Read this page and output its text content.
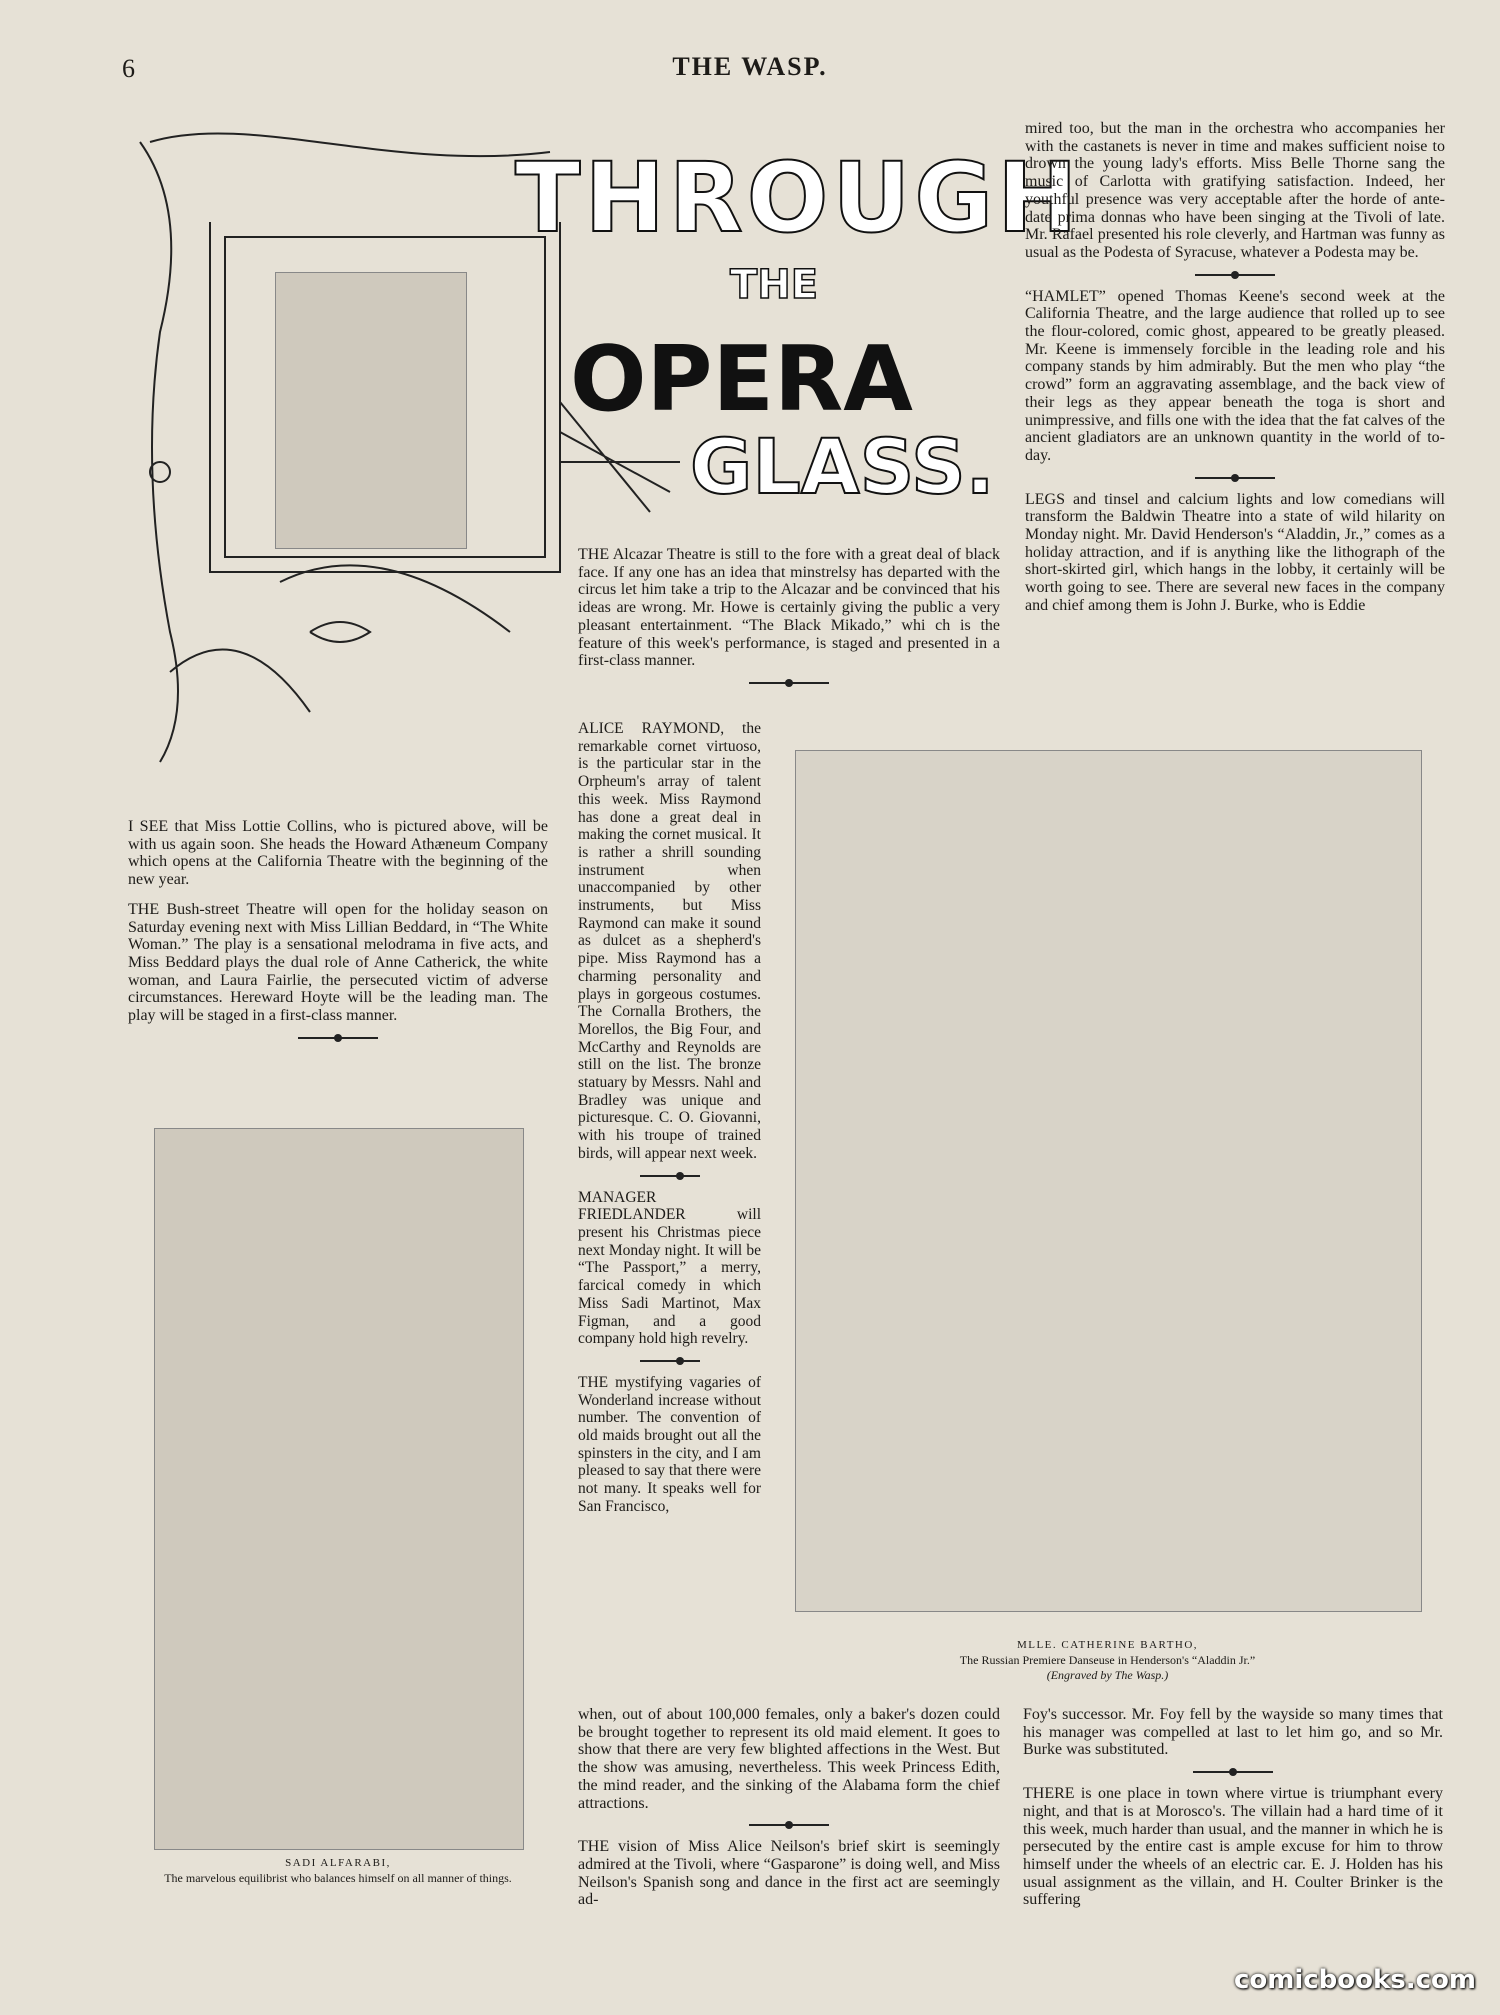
6	THE WASP.
THROUGH
THE
OPERA
GLASS.

I SEE that Miss Lottie Collins, who is pictured above, will be with us again soon. She heads the Howard Athæneum Company which opens at the California Theatre with the beginning of the new year.

THE Bush-street Theatre will open for the holiday season on Saturday evening next with Miss Lillian Beddard, in “The White Woman.” The play is a sensational melodrama in five acts, and Miss Beddard plays the dual role of Anne Catherick, the white woman, and Laura Fairlie, the persecuted victim of adverse circumstances. Hereward Hoyte will be the leading man. The play will be staged in a first-class manner.

SADI ALFARABI,
The marvelous equilibrist who balances himself on all manner of things.

THE Alcazar Theatre is still to the fore with a great deal of black face. If any one has an idea that minstrelsy has departed with the circus let him take a trip to the Alcazar and be convinced that his ideas are wrong. Mr. Howe is certainly giving the public a very pleasant entertainment. “The Black Mikado,” whi ch is the feature of this week's performance, is staged and presented in a first-class manner.

ALICE RAYMOND, the remarkable cornet virtuoso, is the particular star in the Orpheum's array of talent this week. Miss Raymond has done a great deal in making the cornet musical. It is rather a shrill sounding instrument when unaccompanied by other instruments, but Miss Raymond can make it sound as dulcet as a shepherd's pipe. Miss Raymond has a charming personality and plays in gorgeous costumes. The Cornalla Brothers, the Morellos, the Big Four, and McCarthy and Reynolds are still on the list. The bronze statuary by Messrs. Nahl and Bradley was unique and picturesque. C. O. Giovanni, with his troupe of trained birds, will appear next week.

MANAGER FRIEDLANDER will present his Christmas piece next Monday night. It will be “The Passport,” a merry, farcical comedy in which Miss Sadi Martinot, Max Figman, and a good company hold high revelry.

THE mystifying vagaries of Wonderland increase without number. The convention of old maids brought out all the spinsters in the city, and I am pleased to say that there were not many. It speaks well for San Francisco,

when, out of about 100,000 females, only a baker's dozen could be brought together to represent its old maid element. It goes to show that there are very few blighted affections in the West. But the show was amusing, nevertheless. This week Princess Edith, the mind reader, and the sinking of the Alabama form the chief attractions.

THE vision of Miss Alice Neilson's brief skirt is seemingly admired at the Tivoli, where “Gasparone” is doing well, and Miss Neilson's Spanish song and dance in the first act are seemingly ad-

mired too, but the man in the orchestra who accompanies her with the castanets is never in time and makes sufficient noise to drown the young lady's efforts. Miss Belle Thorne sang the music of Carlotta with gratifying satisfaction. Indeed, her youthful presence was very acceptable after the horde of ante-date prima donnas who have been singing at the Tivoli of late. Mr. Rafael presented his role cleverly, and Hartman was funny as usual as the Podesta of Syracuse, whatever a Podesta may be.

“HAMLET” opened Thomas Keene's second week at the California Theatre, and the large audience that rolled up to see the flour-colored, comic ghost, appeared to be greatly pleased. Mr. Keene is immensely forcible in the leading role and his company stands by him admirably. But the men who play “the crowd” form an aggravating assemblage, and the back view of their legs as they appear beneath the toga is short and unimpressive, and fills one with the idea that the fat calves of the ancient gladiators are an unknown quantity in the world of to-day.

LEGS and tinsel and calcium lights and low comedians will transform the Baldwin Theatre into a state of wild hilarity on Monday night. Mr. David Henderson's “Aladdin, Jr.,” comes as a holiday attraction, and if is anything like the lithograph of the short-skirted girl, which hangs in the lobby, it certainly will be worth going to see. There are several new faces in the company and chief among them is John J. Burke, who is Eddie

MLLE. CATHERINE BARTHO,
The Russian Premiere Danseuse in Henderson's “Aladdin Jr.”
(Engraved by The Wasp.)

Foy's successor. Mr. Foy fell by the wayside so many times that his manager was compelled at last to let him go, and so Mr. Burke was substituted.

THERE is one place in town where virtue is triumphant every night, and that is at Morosco's. The villain had a hard time of it this week, much harder than usual, and the manner in which he is persecuted by the entire cast is ample excuse for him to throw himself under the wheels of an electric car. E. J. Holden has his usual assignment as the villain, and H. Coulter Brinker is the suffering

comicbooks.com
